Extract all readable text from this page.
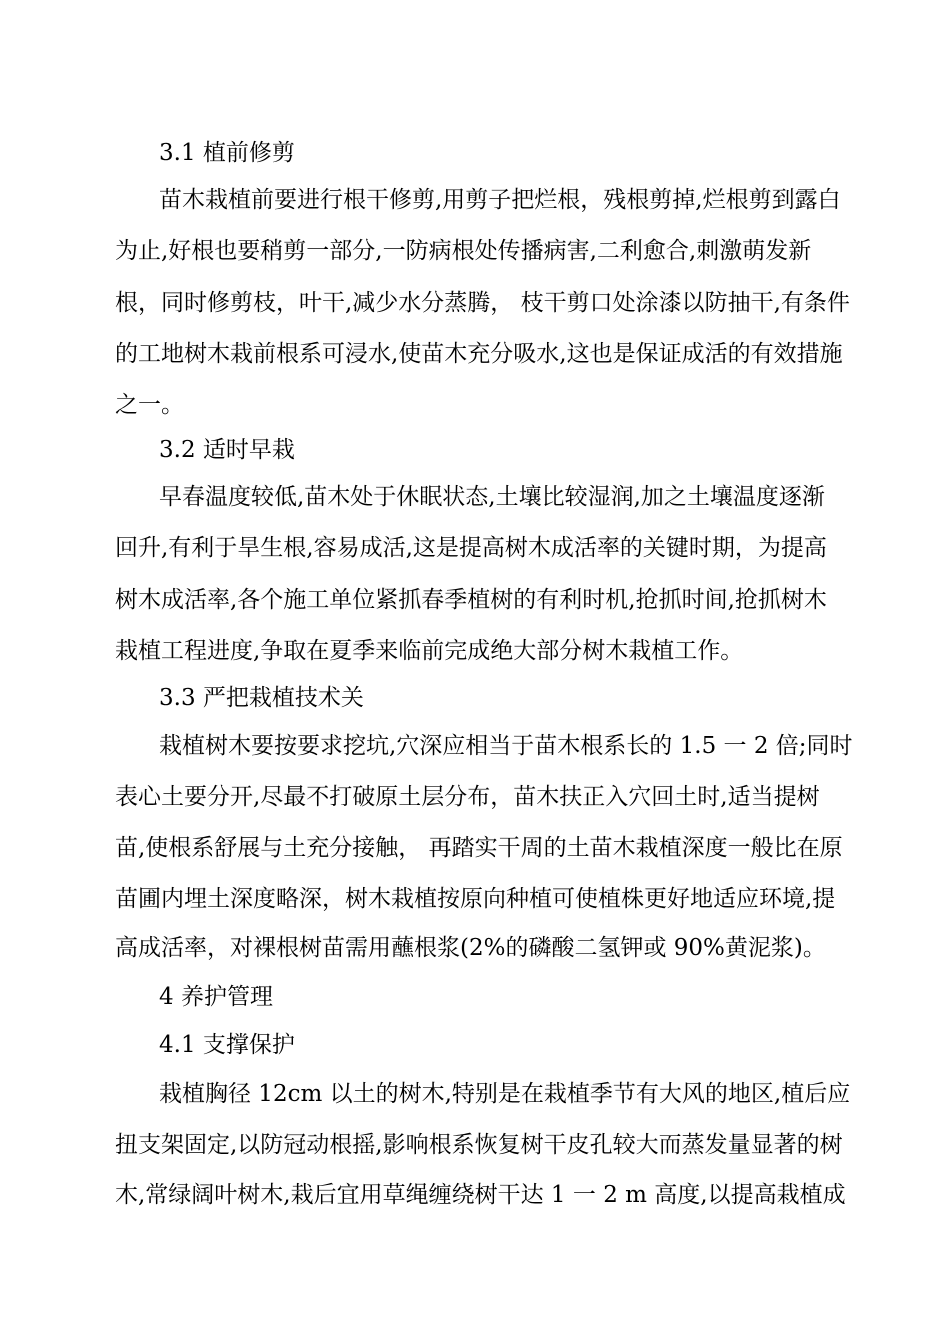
3.1 植前修剪
苗木栽植前要进行根干修剪,用剪子把烂根，残根剪掉,烂根剪到露白
为止,好根也要稍剪一部分,一防病根处传播病害,二利愈合,刺激萌发新
根，同时修剪枝，叶干,减少水分蒸腾， 枝干剪口处涂漆以防抽干,有条件
的工地树木栽前根系可浸水,使苗木充分吸水,这也是保证成活的有效措施
之一。
3.2 适时早栽
早春温度较低,苗木处于休眠状态,土壤比较湿润,加之土壤温度逐渐
回升,有利于旱生根,容易成活,这是提高树木成活率的关键时期，为提高
树木成活率,各个施工单位紧抓春季植树的有利时机,抢抓时间,抢抓树木
栽植工程进度,争取在夏季来临前完成绝大部分树木栽植工作。
3.3 严把栽植技术关
栽植树木要按要求挖坑,穴深应相当于苗木根系长的 1.5 一 2 倍;同时
表心土要分开,尽最不打破原土层分布，苗木扶正入穴回土时,适当提树
苗,使根系舒展与土充分接触， 再踏实干周的土苗木栽植深度一般比在原
苗圃内埋土深度略深，树木栽植按原向种植可使植株更好地适应环境,提
高成活率，对裸根树苗需用蘸根浆(2%的磷酸二氢钾或 90%黄泥浆)。
4 养护管理
4.1 支撑保护
栽植胸径 12cm 以土的树木,特别是在栽植季节有大风的地区,植后应
扭支架固定,以防冠动根摇,影响根系恢复树干皮孔较大而蒸发量显著的树
木,常绿阔叶树木,栽后宜用草绳缠绕树干达 1 一 2 m 高度,以提高栽植成
